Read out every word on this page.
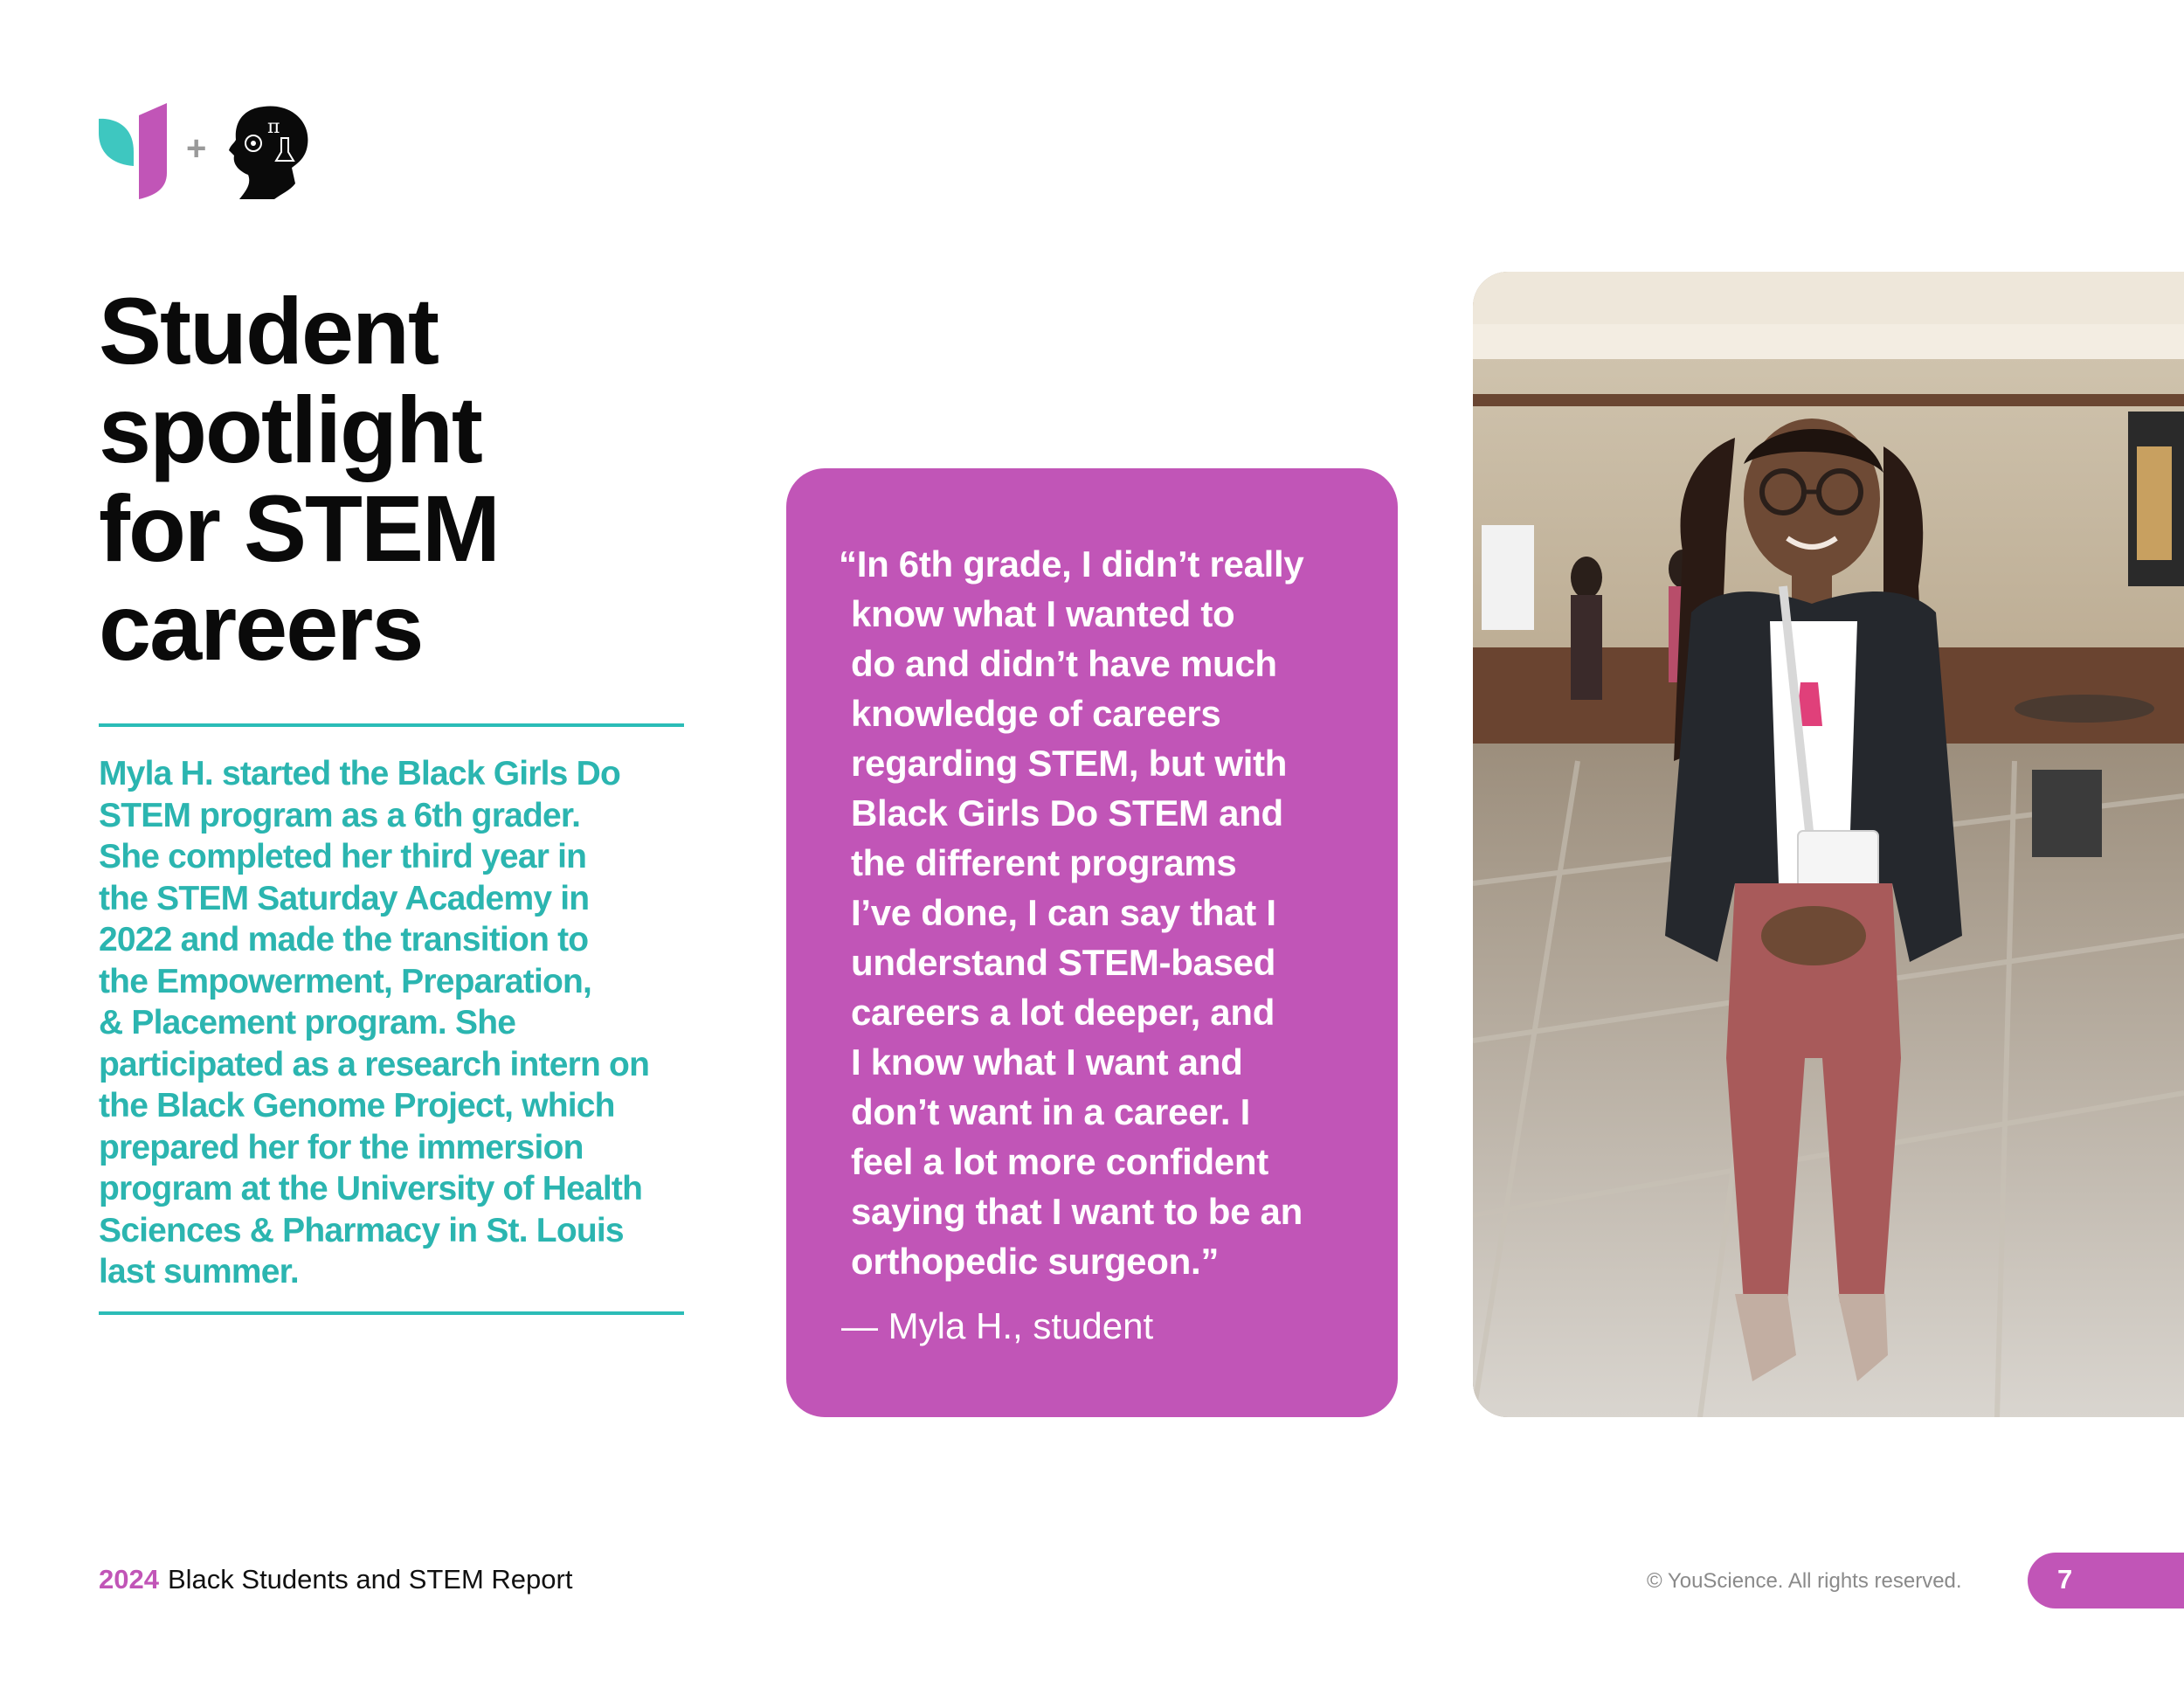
+
π
Student
spotlight
for STEM
careers

Myla H. started the Black Girls Do
STEM program as a 6th grader.
She completed her third year in
the STEM Saturday Academy in
2022 and made the transition to
the Empowerment, Preparation,
& Placement program. She
participated as a research intern on
the Black Genome Project, which
prepared her for the immersion
program at the University of Health
Sciences & Pharmacy in St. Louis
last summer.

“In 6th grade, I didn’t really
know what I wanted to
do and didn’t have much
knowledge of careers
regarding STEM, but with
Black Girls Do STEM and
the different programs
I’ve done, I can say that I
understand STEM-based
careers a lot deeper, and
I know what I want and
don’t want in a career. I
feel a lot more confident
saying that I want to be an
orthopedic surgeon.”

— Myla H., student
2024 Black Students and STEM Report	© YouScience. All rights reserved.	7
